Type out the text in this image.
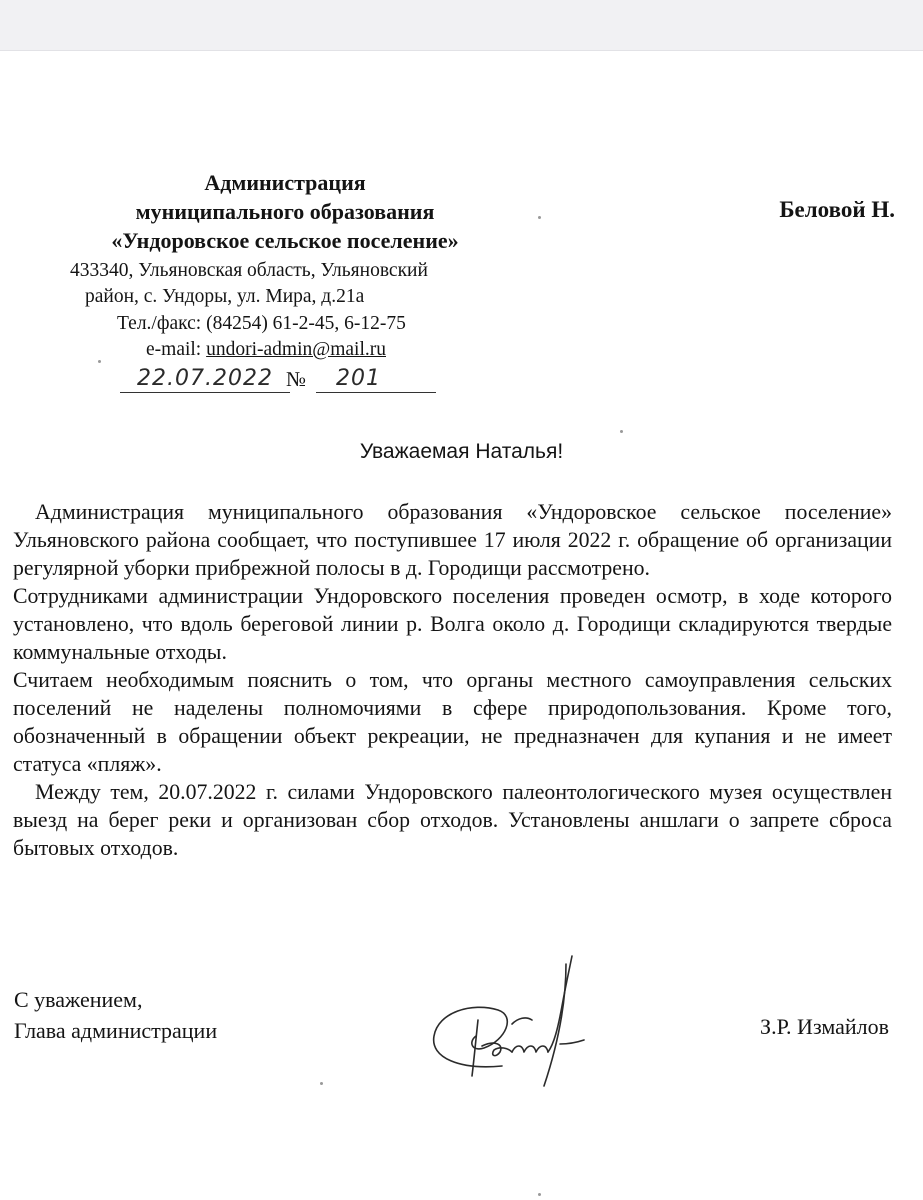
Администрация
муниципального образования
«Ундоровское сельское поселение»
433340, Ульяновская область, Ульяновский
район, с. Ундоры, ул. Мира, д.21а
Тел./факс: (84254) 61-2-45, 6-12-75
e-mail: undori-admin@mail.ru
22.07.2022 №	201
Беловой Н.
Уважаемая Наталья!

Администрация муниципального образования «Ундоровское сельское поселение» Ульяновского района сообщает, что поступившее 17 июля 2022 г. обращение об организации регулярной уборки прибрежной полосы в д. Городищи рассмотрено.

Сотрудниками администрации Ундоровского поселения проведен осмотр, в ходе которого установлено, что вдоль береговой линии р. Волга около д. Городищи складируются твердые коммунальные отходы.

Считаем необходимым пояснить о том, что органы местного самоуправления сельских поселений не наделены полномочиями в сфере природопользования. Кроме того, обозначенный в обращении объект рекреации, не предназначен для купания и не имеет статуса «пляж».

Между тем, 20.07.2022 г. силами Ундоровского палеонтологического музея осуществлен выезд на берег реки и организован сбор отходов. Установлены аншлаги о запрете сброса бытовых отходов.

С уважением,
Глава администрации	З.Р. Измайлов
